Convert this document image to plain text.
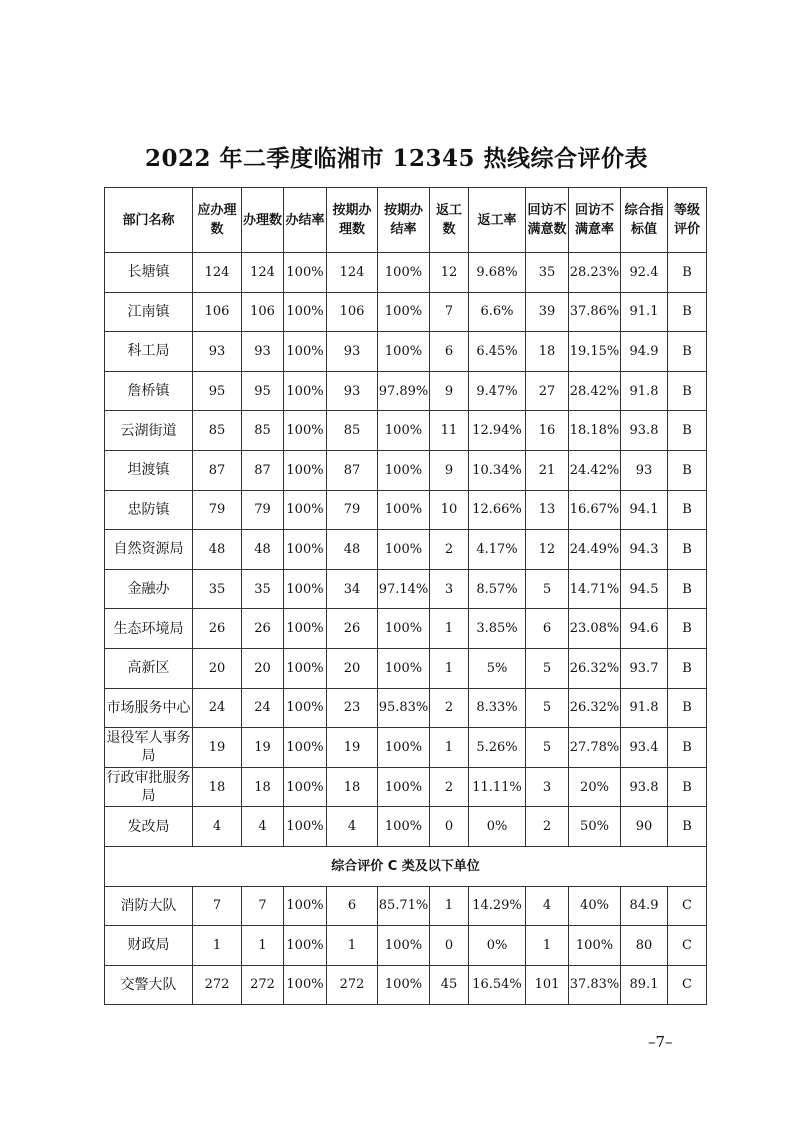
2022 年二季度临湘市 12345 热线综合评价表
部门名称	应办理数	办理数	办结率	按期办理数	按期办结率	返工数	返工率	回访不满意数	回访不满意率	综合指标值	等级评价
长塘镇	124	124	100%	124	100%	12	9.68%	35	28.23%	92.4	B
江南镇	106	106	100%	106	100%	7	6.6%	39	37.86%	91.1	B
科工局	93	93	100%	93	100%	6	6.45%	18	19.15%	94.9	B
詹桥镇	95	95	100%	93	97.89%	9	9.47%	27	28.42%	91.8	B
云湖街道	85	85	100%	85	100%	11	12.94%	16	18.18%	93.8	B
坦渡镇	87	87	100%	87	100%	9	10.34%	21	24.42%	93	B
忠防镇	79	79	100%	79	100%	10	12.66%	13	16.67%	94.1	B
自然资源局	48	48	100%	48	100%	2	4.17%	12	24.49%	94.3	B
金融办	35	35	100%	34	97.14%	3	8.57%	5	14.71%	94.5	B
生态环境局	26	26	100%	26	100%	1	3.85%	6	23.08%	94.6	B
高新区	20	20	100%	20	100%	1	5%	5	26.32%	93.7	B
市场服务中心	24	24	100%	23	95.83%	2	8.33%	5	26.32%	91.8	B
退役军人事务局	19	19	100%	19	100%	1	5.26%	5	27.78%	93.4	B
行政审批服务局	18	18	100%	18	100%	2	11.11%	3	20%	93.8	B
发改局	4	4	100%	4	100%	0	0%	2	50%	90	B
综合评价 C 类及以下单位											
消防大队	7	7	100%	6	85.71%	1	14.29%	4	40%	84.9	C
财政局	1	1	100%	1	100%	0	0%	1	100%	80	C
交警大队	272	272	100%	272	100%	45	16.54%	101	37.83%	89.1	C
–7–
